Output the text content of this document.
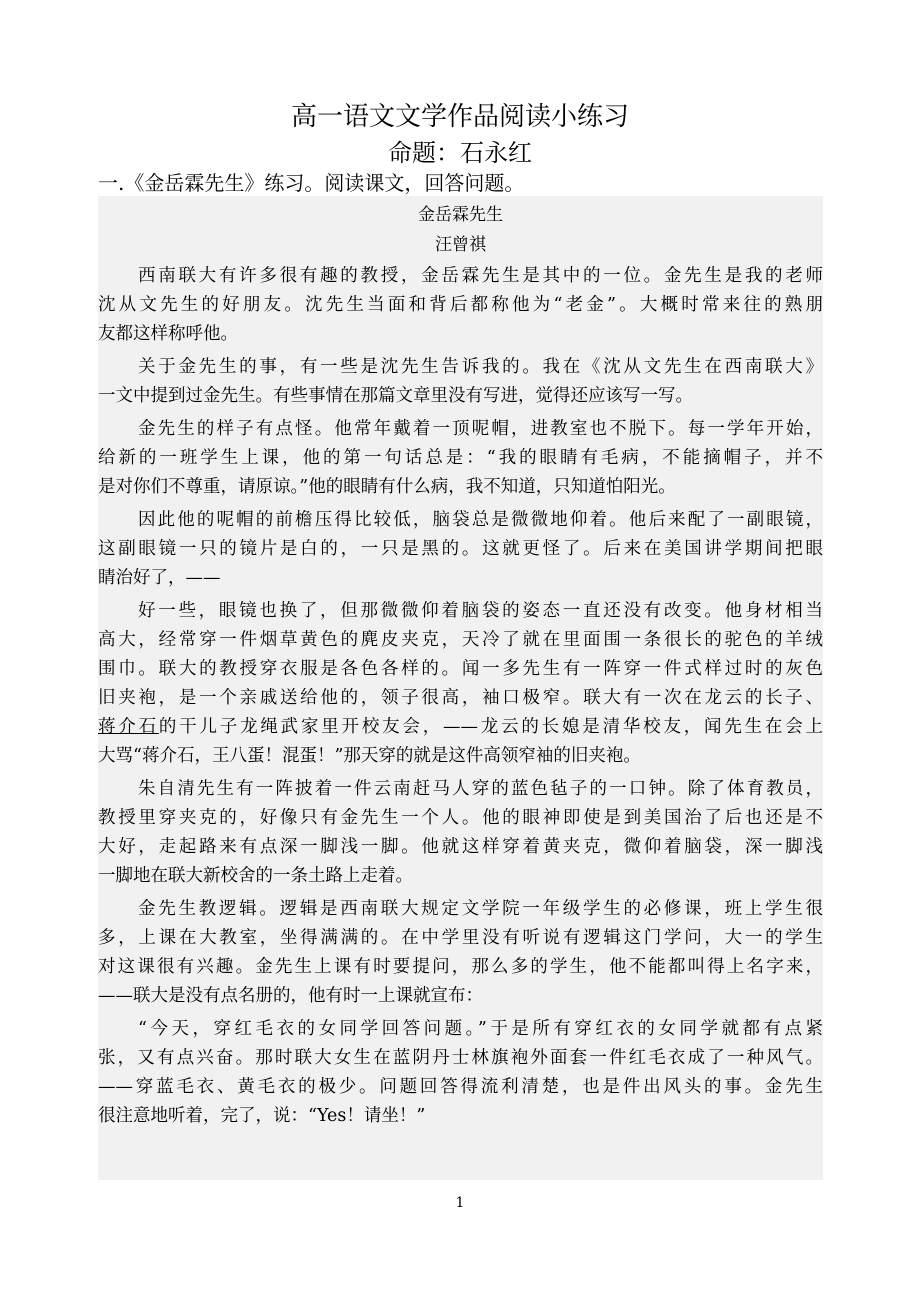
高一语文文学作品阅读小练习
命题：石永红
一.《金岳霖先生》练习。阅读课文，回答问题。
金岳霖先生
汪曾祺
西南联大有许多很有趣的教授，金岳霖先生是其中的一位。金先生是我的老师
沈从文先生的好朋友。沈先生当面和背后都称他为“老金”。大概时常来往的熟朋
友都这样称呼他。
关于金先生的事，有一些是沈先生告诉我的。我在《沈从文先生在西南联大》
一文中提到过金先生。有些事情在那篇文章里没有写进，觉得还应该写一写。
金先生的样子有点怪。他常年戴着一顶呢帽，进教室也不脱下。每一学年开始，
给新的一班学生上课，他的第一句话总是：“我的眼睛有毛病，不能摘帽子，并不
是对你们不尊重，请原谅。”他的眼睛有什么病，我不知道，只知道怕阳光。
因此他的呢帽的前檐压得比较低，脑袋总是微微地仰着。他后来配了一副眼镜，
这副眼镜一只的镜片是白的，一只是黑的。这就更怪了。后来在美国讲学期间把眼
睛治好了，——
好一些，眼镜也换了，但那微微仰着脑袋的姿态一直还没有改变。他身材相当
高大，经常穿一件烟草黄色的麂皮夹克，天冷了就在里面围一条很长的驼色的羊绒
围巾。联大的教授穿衣服是各色各样的。闻一多先生有一阵穿一件式样过时的灰色
旧夹袍，是一个亲戚送给他的，领子很高，袖口极窄。联大有一次在龙云的长子、
蒋介石的干儿子龙绳武家里开校友会，——龙云的长媳是清华校友，闻先生在会上
大骂“蒋介石，王八蛋！混蛋！”那天穿的就是这件高领窄袖的旧夹袍。
朱自清先生有一阵披着一件云南赶马人穿的蓝色毡子的一口钟。除了体育教员，
教授里穿夹克的，好像只有金先生一个人。他的眼神即使是到美国治了后也还是不
大好，走起路来有点深一脚浅一脚。他就这样穿着黄夹克，微仰着脑袋，深一脚浅
一脚地在联大新校舍的一条土路上走着。
金先生教逻辑。逻辑是西南联大规定文学院一年级学生的必修课，班上学生很
多，上课在大教室，坐得满满的。在中学里没有听说有逻辑这门学问，大一的学生
对这课很有兴趣。金先生上课有时要提问，那么多的学生，他不能都叫得上名字来，
——联大是没有点名册的，他有时一上课就宣布：
“今天，穿红毛衣的女同学回答问题。”于是所有穿红衣的女同学就都有点紧
张，又有点兴奋。那时联大女生在蓝阴丹士林旗袍外面套一件红毛衣成了一种风气。
——穿蓝毛衣、黄毛衣的极少。问题回答得流利清楚，也是件出风头的事。金先生
很注意地听着，完了，说：“Yes！请坐！”
1
